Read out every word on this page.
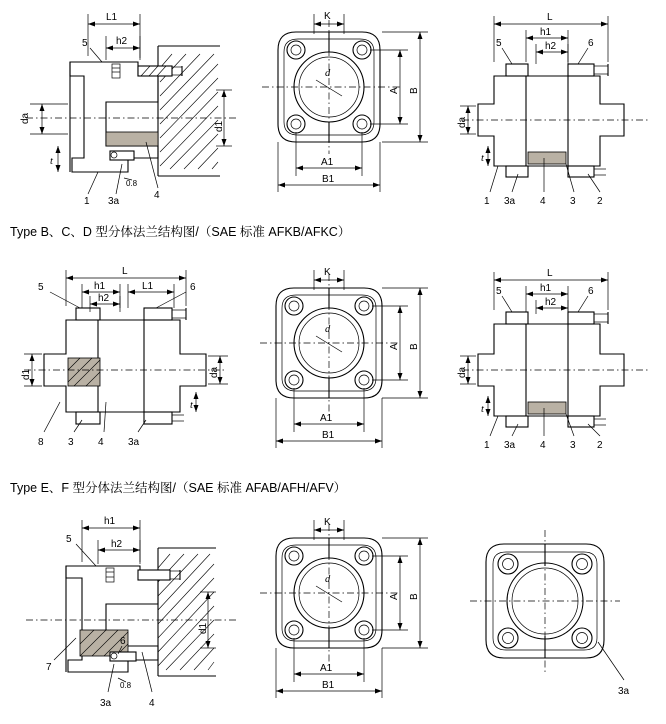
L1
h2
da
t
d1
5
1 3a
4
0.8
K
d
A B
A1
B1
L
h1
h2
da
t
5	6
1 3a 4 3 2
Type B、C、D 型分体法兰结构图/（SAE 标准 AFKB/AFKC）
L
h1	L1
h2
d1	da
t
5	6
8 3 4 3a
K
d
A B
A1
B1
L
h1
h2
da
t
5	6
1 3a 4 3 2
Type E、F 型分体法兰结构图/（SAE 标准 AFAB/AFH/AFV）
h1
h2
d1
5
7
6
3a	4
0.8
K
d
A B
A1
B1
3a
